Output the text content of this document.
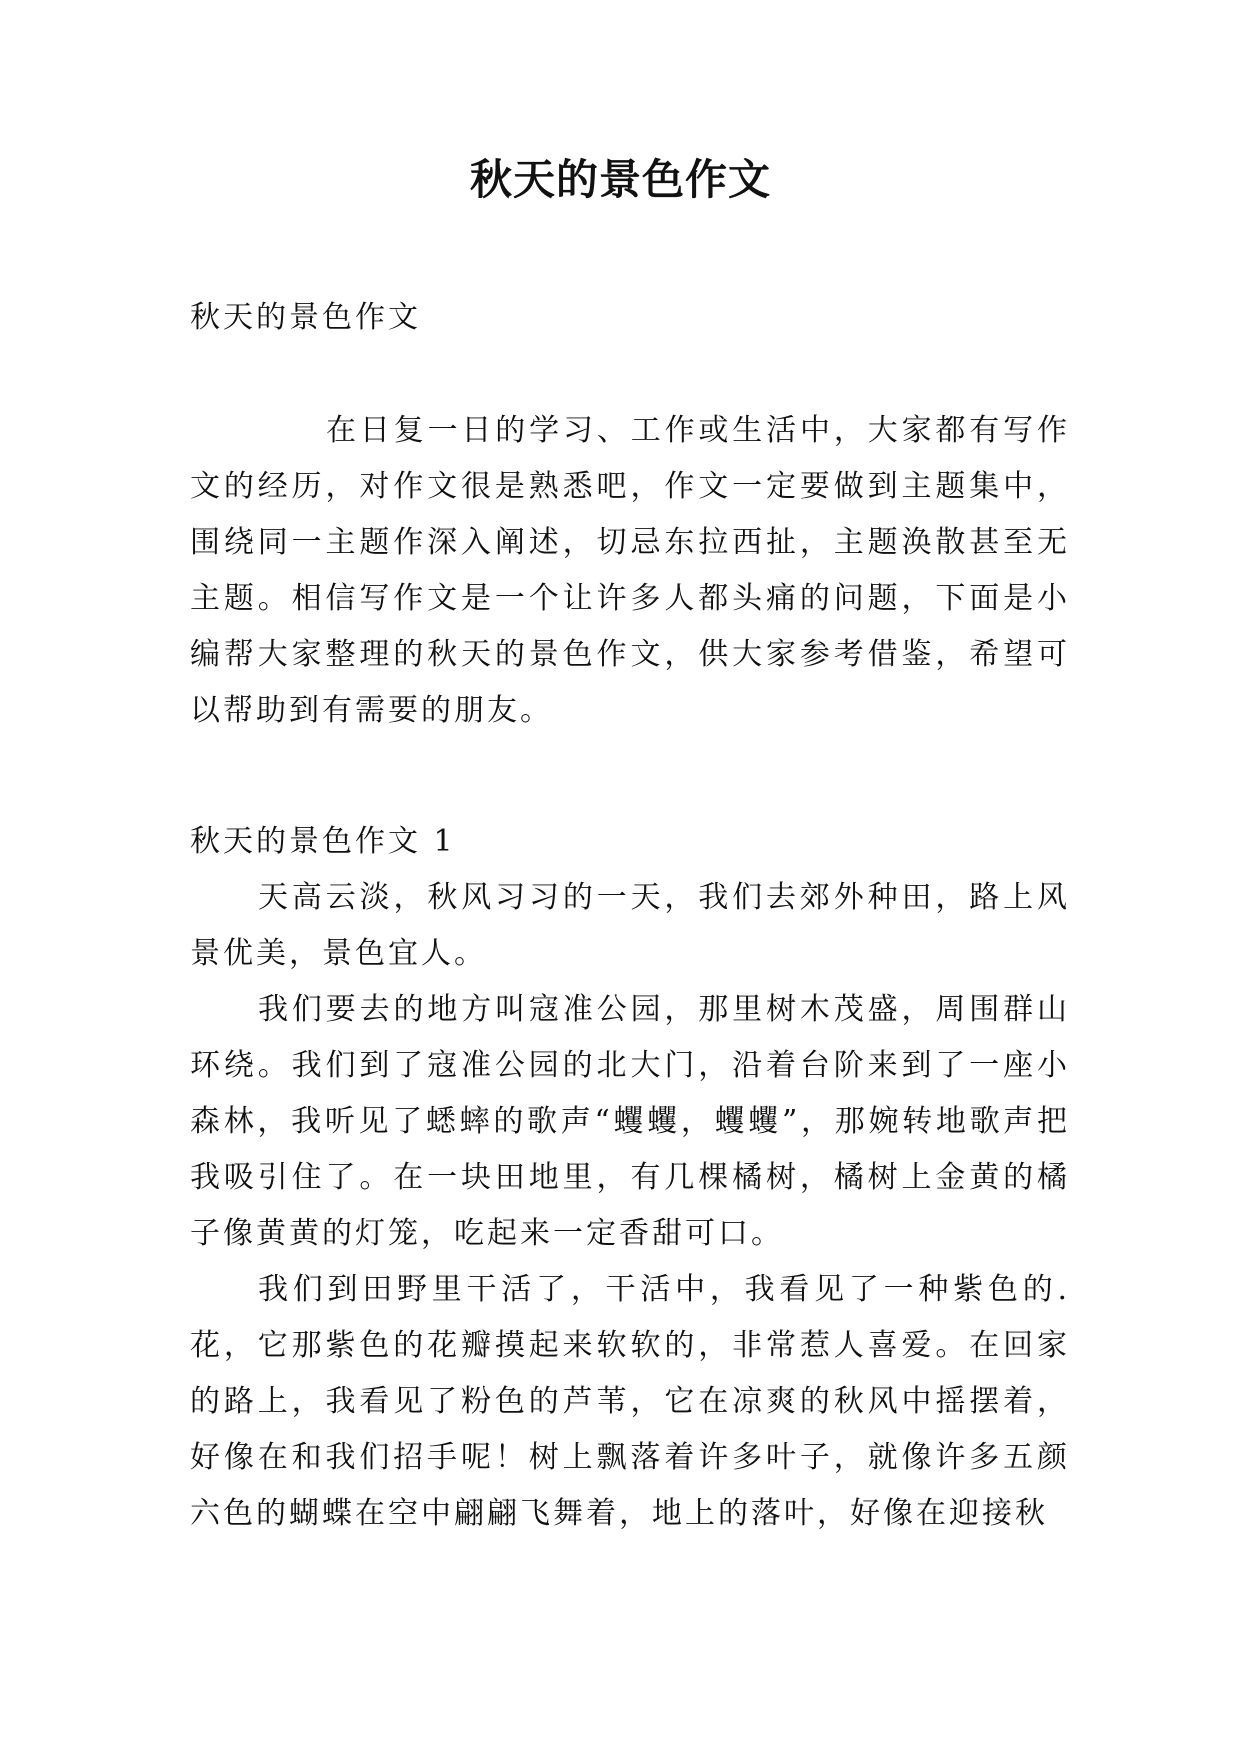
秋天的景色作文
秋天的景色作文
在日复一日的学习、工作或生活中，大家都有写作文的经历，对作文很是熟悉吧，作文一定要做到主题集中，围绕同一主题作深入阐述，切忌东拉西扯，主题涣散甚至无主题。相信写作文是一个让许多人都头痛的问题，下面是小编帮大家整理的秋天的景色作文，供大家参考借鉴，希望可以帮助到有需要的朋友。
秋天的景色作文 1

天高云淡，秋风习习的一天，我们去郊外种田，路上风景优美，景色宜人。

我们要去的地方叫寇准公园，那里树木茂盛，周围群山环绕。我们到了寇准公园的北大门，沿着台阶来到了一座小森林，我听见了蟋蟀的歌声“蠼蠼，蠼蠼”，那婉转地歌声把我吸引住了。在一块田地里，有几棵橘树，橘树上金黄的橘子像黄黄的灯笼，吃起来一定香甜可口。

我们到田野里干活了，干活中，我看见了一种紫色的.花，它那紫色的花瓣摸起来软软的，非常惹人喜爱。在回家的路上，我看见了粉色的芦苇，它在凉爽的秋风中摇摆着，好像在和我们招手呢！树上飘落着许多叶子，就像许多五颜六色的蝴蝶在空中翩翩飞舞着，地上的落叶，好像在迎接秋
